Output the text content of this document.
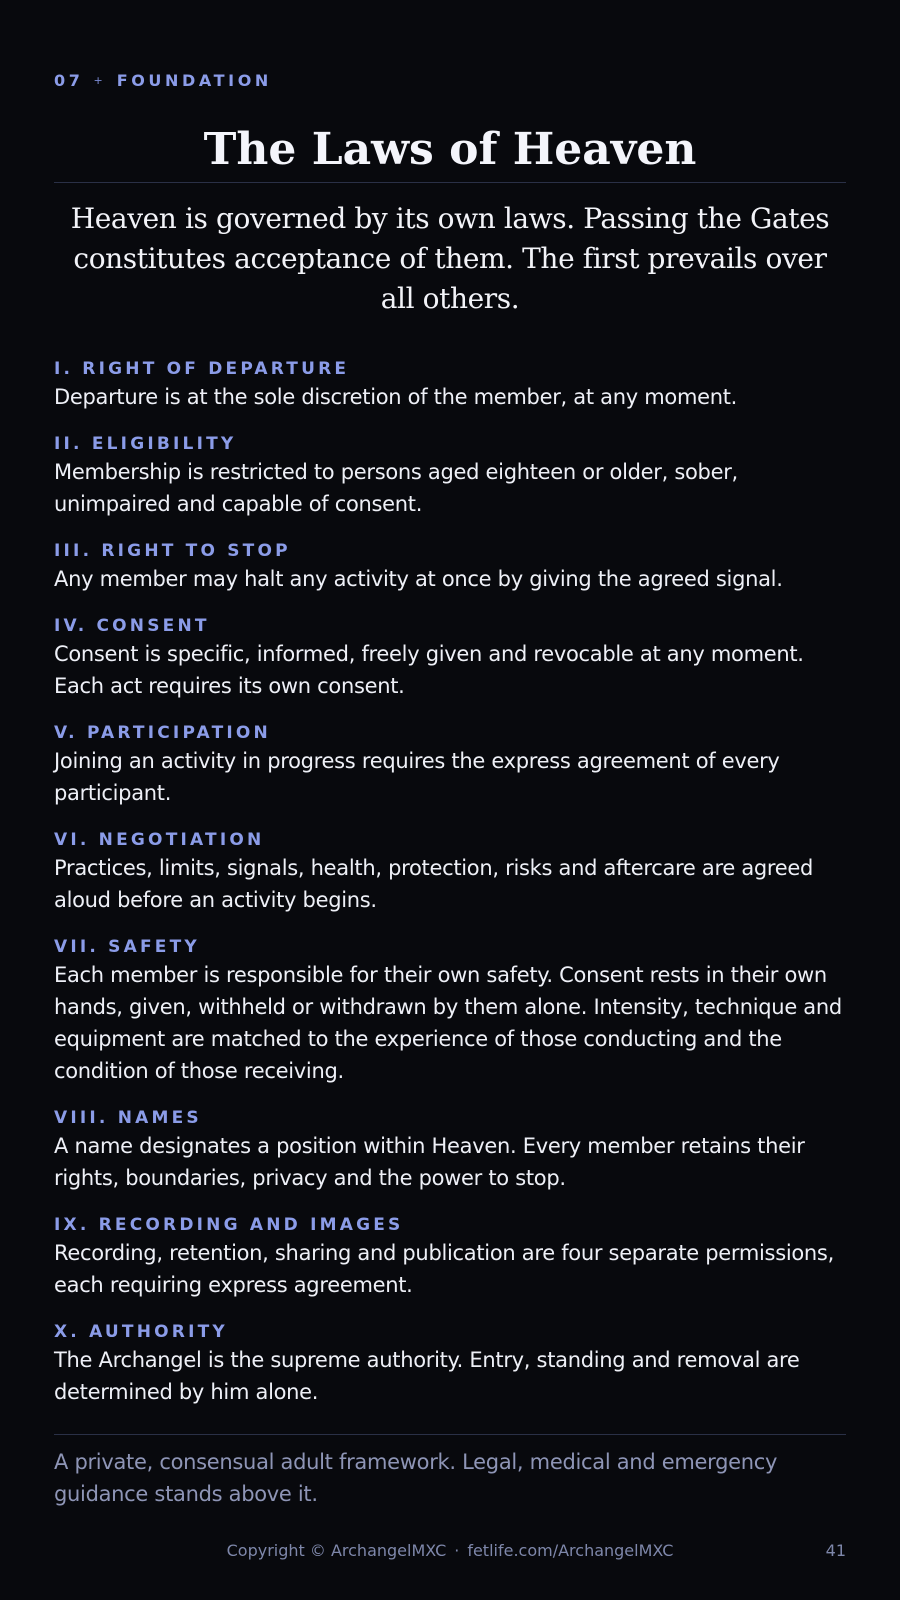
07 + FOUNDATION
The Laws of Heaven

Heaven is governed by its own laws. Passing the Gates constitutes acceptance of them. The first prevails over all others.

I. RIGHT OF DEPARTURE
Departure is at the sole discretion of the member, at any moment.
II. ELIGIBILITY
Membership is restricted to persons aged eighteen or older, sober, unimpaired and capable of consent.
III. RIGHT TO STOP
Any member may halt any activity at once by giving the agreed signal.
IV. CONSENT
Consent is specific, informed, freely given and revocable at any moment. Each act requires its own consent.
V. PARTICIPATION
Joining an activity in progress requires the express agreement of every participant.
VI. NEGOTIATION
Practices, limits, signals, health, protection, risks and aftercare are agreed aloud before an activity begins.
VII. SAFETY
Each member is responsible for their own safety. Consent rests in their own hands, given, withheld or withdrawn by them alone. Intensity, technique and equipment are matched to the experience of those conducting and the condition of those receiving.
VIII. NAMES
A name designates a position within Heaven. Every member retains their rights, boundaries, privacy and the power to stop.
IX. RECORDING AND IMAGES
Recording, retention, sharing and publication are four separate permissions, each requiring express agreement.
X. AUTHORITY
The Archangel is the supreme authority. Entry, standing and removal are determined by him alone.

A private, consensual adult framework. Legal, medical and emergency guidance stands above it.

Copyright © ArchangelMXC · fetlife.com/ArchangelMXC	41
